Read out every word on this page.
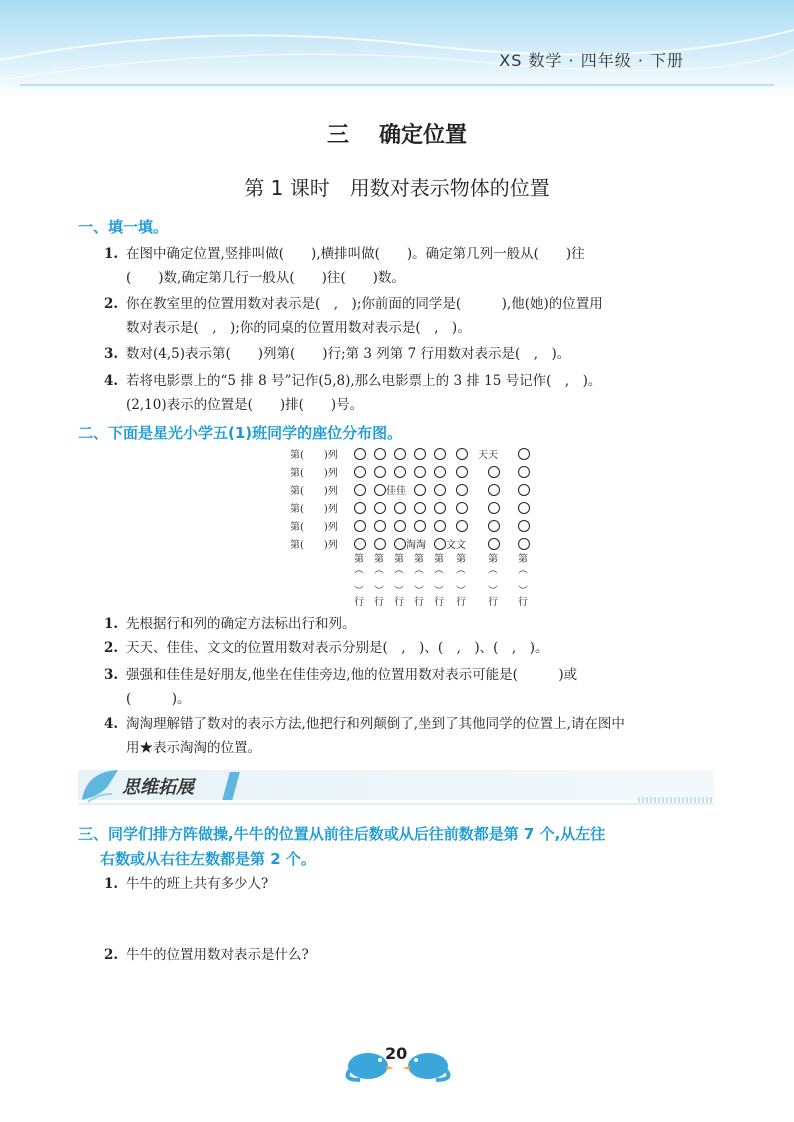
XS 数学 · 四年级 · 下册
三 确定位置
第 1 课时 用数对表示物体的位置
一、填一填。
1. 在图中确定位置,竖排叫做(　　),横排叫做(　　)。确定第几列一般从(　　)往
(　　)数,确定第几行一般从(　　)往(　　)数。
2. 你在教室里的位置用数对表示是(　,　);你前面的同学是(　　　),他(她)的位置用
数对表示是(　,　);你的同桌的位置用数对表示是(　,　)。
3. 数对(4,5)表示第(　　)列第(　　)行;第 3 列第 7 行用数对表示是(　,　)。
4. 若将电影票上的“5 排 8 号”记作(5,8),那么电影票上的 3 排 15 号记作(　,　)。
(2,10)表示的位置是(　　)排(　　)号。
二、下面是星光小学五(1)班同学的座位分布图。
第(　　)列
第(　　)列
第(　　)列
第(　　)列
第(　　)列
第(　　)列
天天
佳佳
淘淘 文文
第
︵
︶
行
第
︵
︶
行
第
︵
︶
行
第
︵
︶
行
第
︵
︶
行
第
︵
︶
行
第
︵
︶
行
第
︵
︶
行
1. 先根据行和列的确定方法标出行和列。
2. 天天、佳佳、文文的位置用数对表示分别是(　,　)、(　,　)、(　,　)。
3. 强强和佳佳是好朋友,他坐在佳佳旁边,他的位置用数对表示可能是(　　　)或
(　　　)。
4. 淘淘理解错了数对的表示方法,他把行和列颠倒了,坐到了其他同学的位置上,请在图中
用★表示淘淘的位置。
思维拓展
三、同学们排方阵做操,牛牛的位置从前往后数或从后往前数都是第 7 个,从左往
右数或从右往左数都是第 2 个。
1. 牛牛的班上共有多少人?
2. 牛牛的位置用数对表示是什么?
20
